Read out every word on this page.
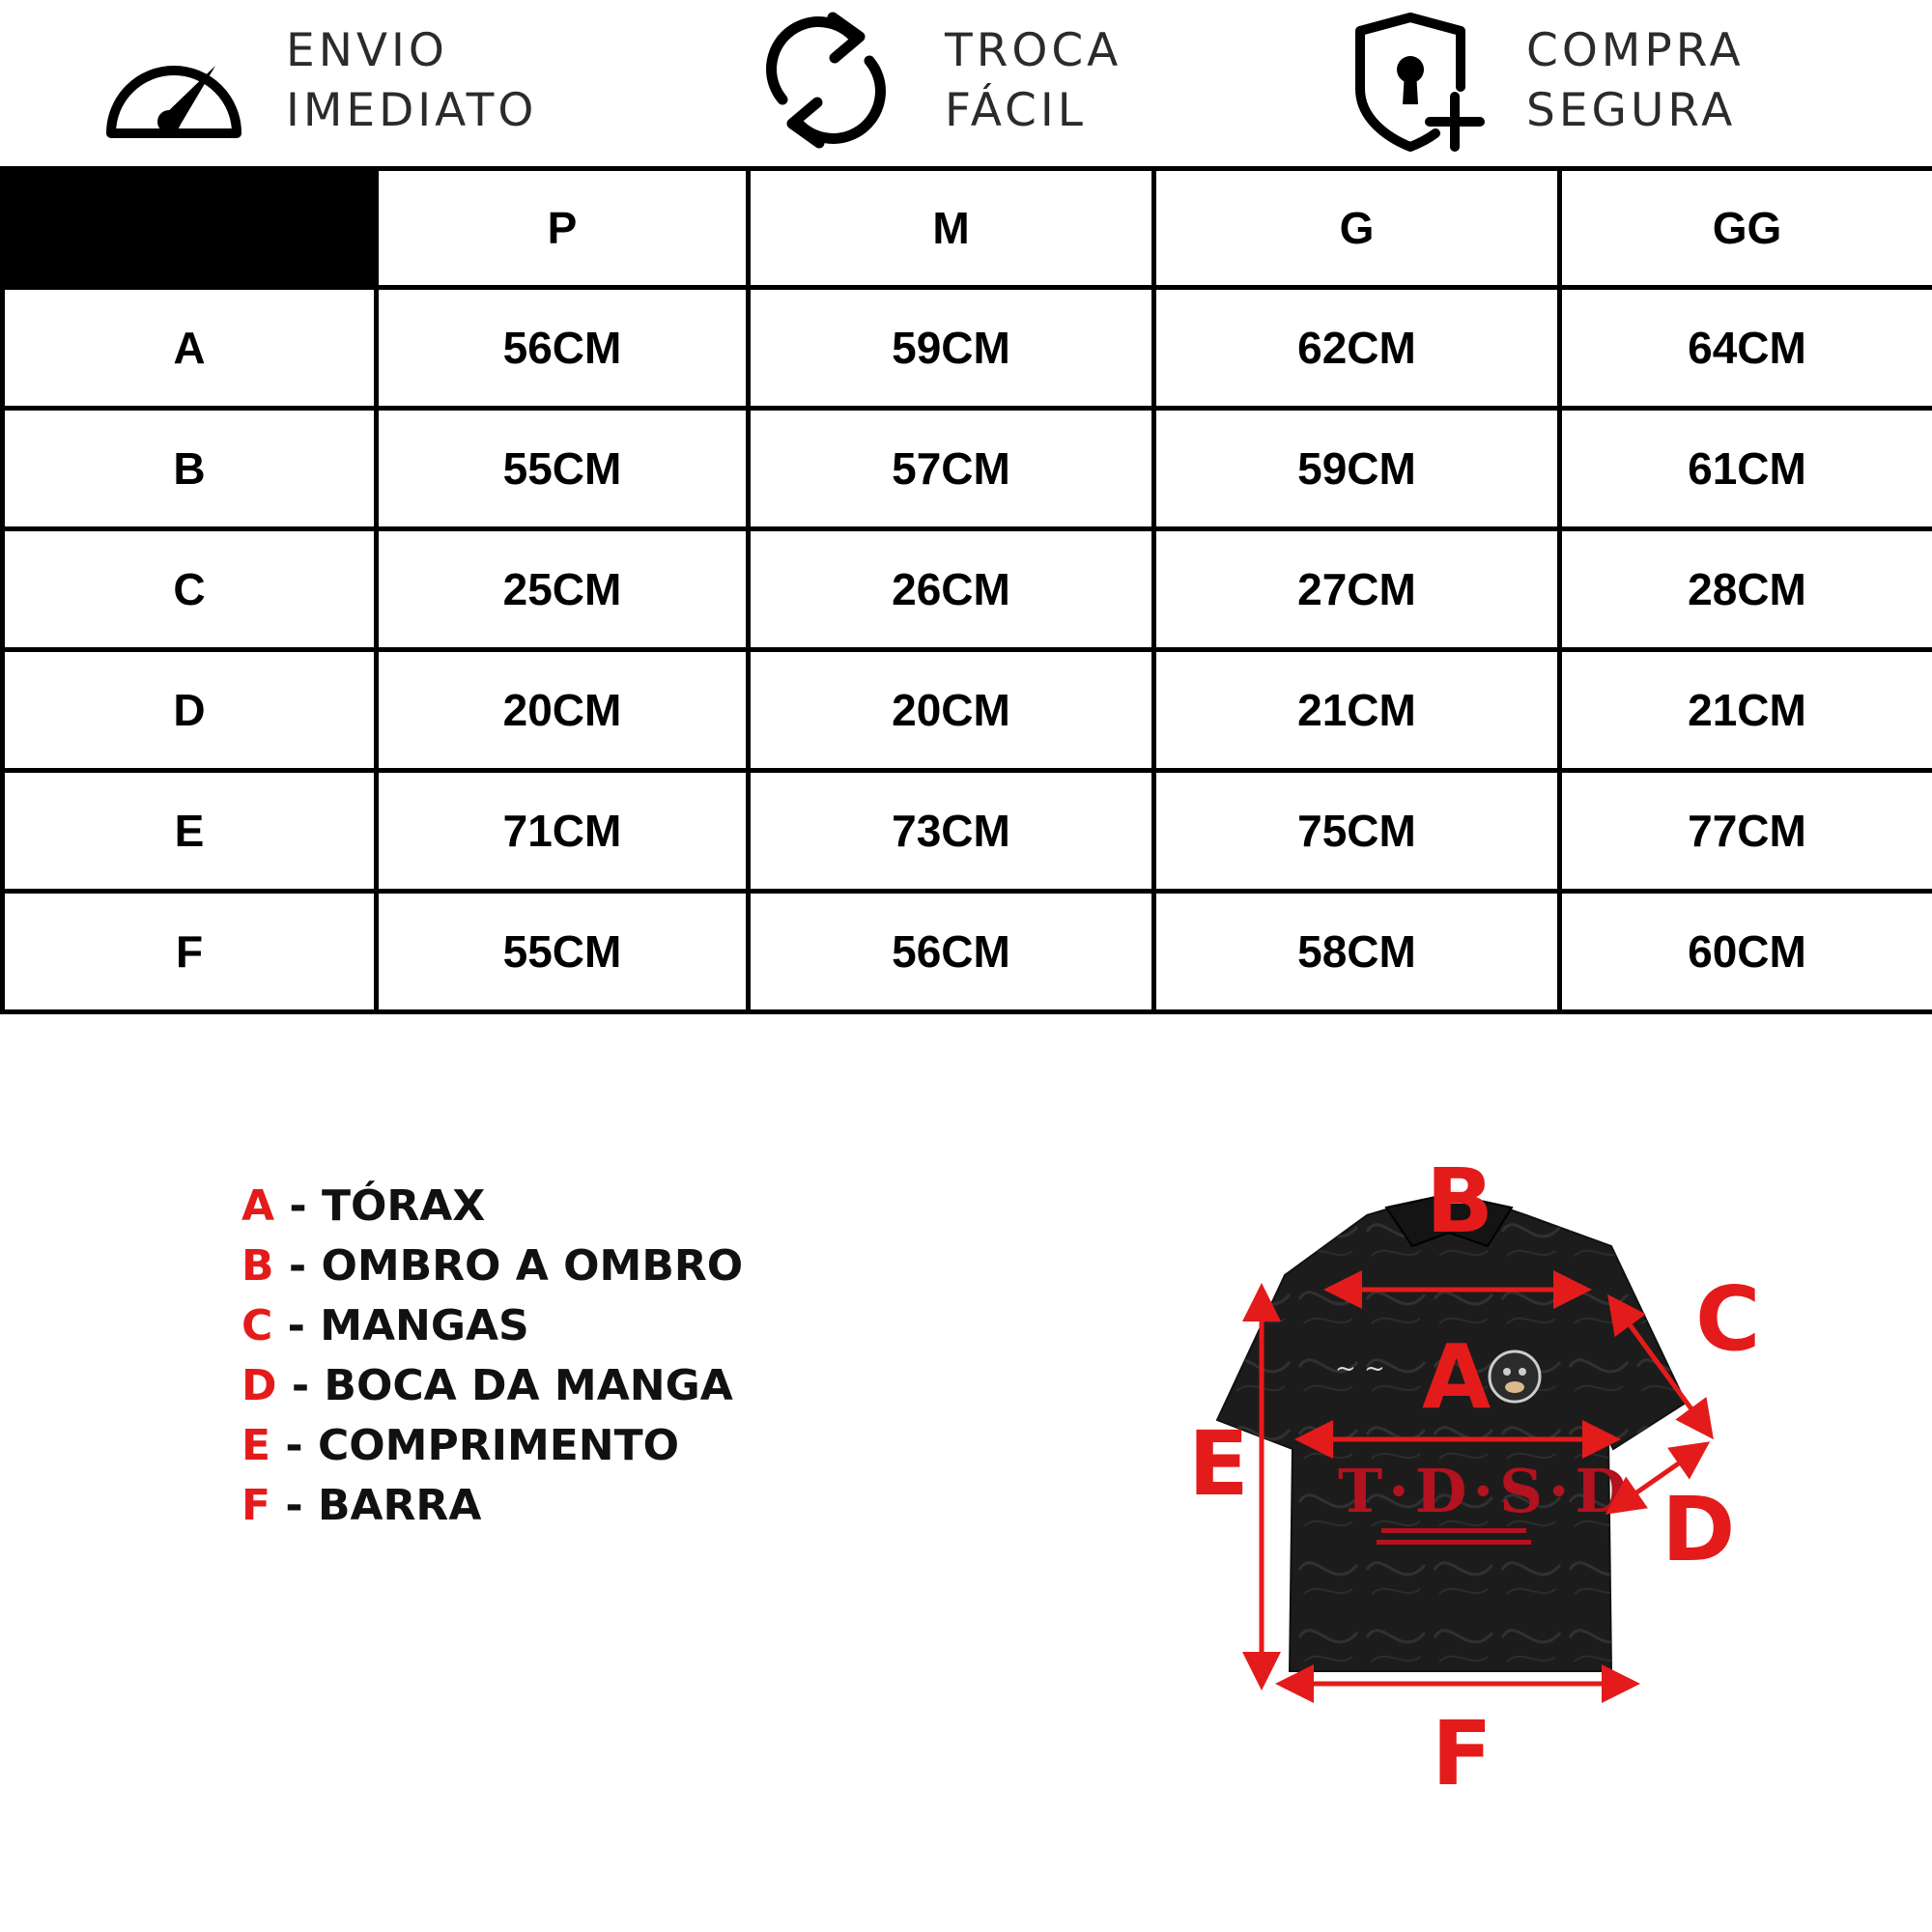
ENVIO
IMEDIATO
TROCA
FÁCIL
COMPRA
SEGURA
	P	M	G	GG
A	56CM	59CM	62CM	64CM
B	55CM	57CM	59CM	61CM
C	25CM	26CM	27CM	28CM
D	20CM	20CM	21CM	21CM
E	71CM	73CM	75CM	77CM
F	55CM	56CM	58CM	60CM
A - TÓRAX
B - OMBRO A OMBRO
C - MANGAS
D - BOCA DA MANGA
E - COMPRIMENTO
F - BARRA
~ ~
T·D·S·D
B
A
C
D
E
F
